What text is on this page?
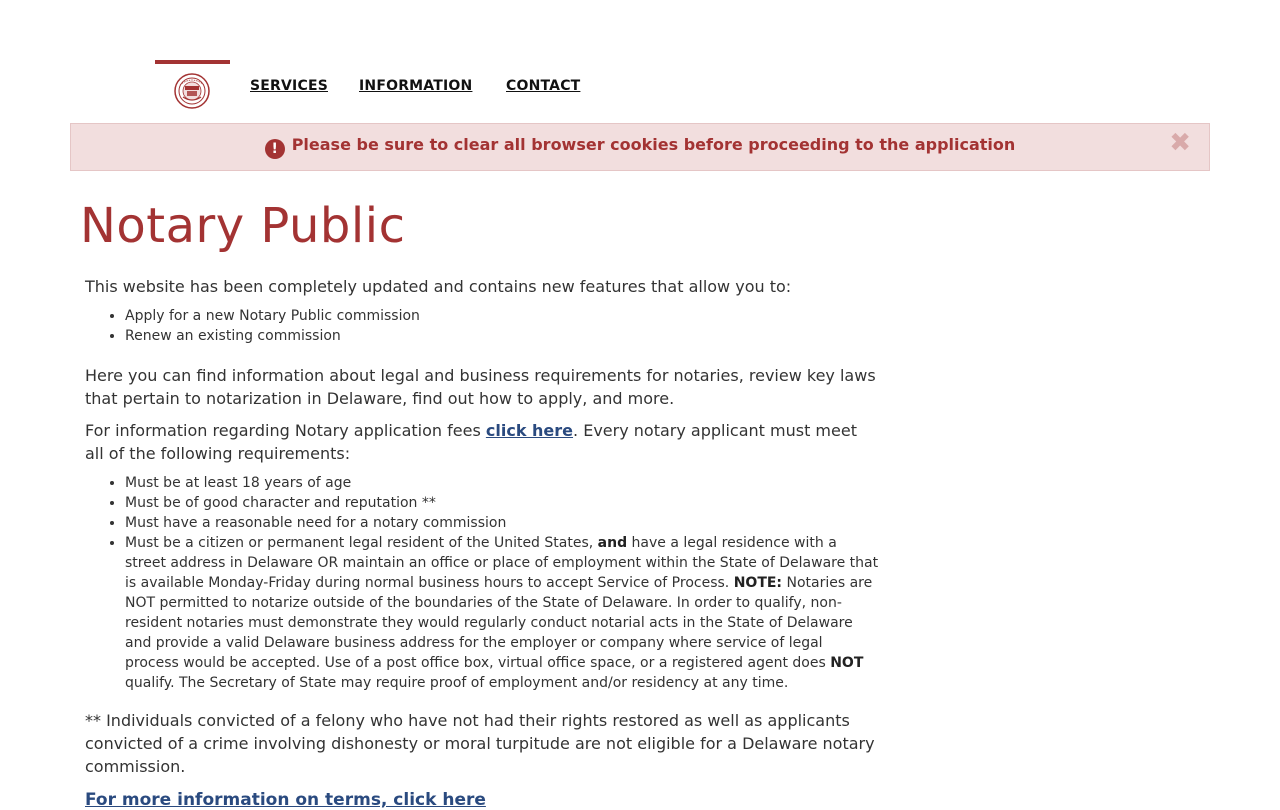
SERVICES INFORMATION CONTACT
! Please be sure to clear all browser cookies before proceeding to the application	✖
Notary Public

This website has been completely updated and contains new features that allow you to:

• Apply for a new Notary Public commission
• Renew an existing commission

Here you can find information about legal and business requirements for notaries, review key laws that pertain to notarization in Delaware, find out how to apply, and more.

For information regarding Notary application fees click here. Every notary applicant must meet all of the following requirements:

• Must be at least 18 years of age
• Must be of good character and reputation **
• Must have a reasonable need for a notary commission
• Must be a citizen or permanent legal resident of the United States, and have a legal residence with a street address in Delaware OR maintain an office or place of employment within the State of Delaware that is available Monday-Friday during normal business hours to accept Service of Process. NOTE: Notaries are NOT permitted to notarize outside of the boundaries of the State of Delaware. In order to qualify, non-resident notaries must demonstrate they would regularly conduct notarial acts in the State of Delaware and provide a valid Delaware business address for the employer or company where service of legal process would be accepted. Use of a post office box, virtual office space, or a registered agent does NOT qualify. The Secretary of State may require proof of employment and/or residency at any time.

** Individuals convicted of a felony who have not had their rights restored as well as applicants convicted of a crime involving dishonesty or moral turpitude are not eligible for a Delaware notary commission.

For more information on terms, click here
